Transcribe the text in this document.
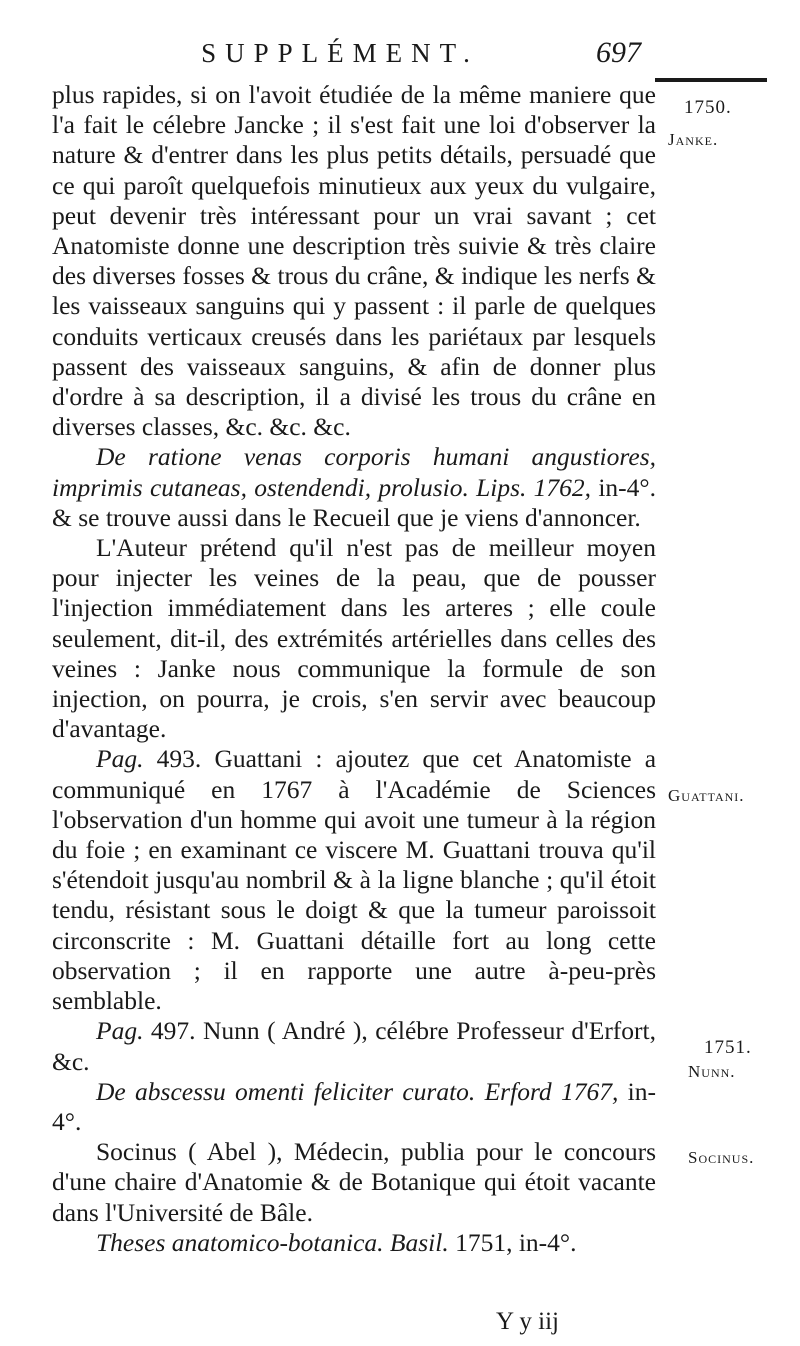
SUPPLÉMENT.	697
1750.
Janke.
Guattani.
1751.
Nunn.
Socinus.

plus rapides, si on l'avoit étudiée de la même maniere que l'a fait le célebre Jancke ; il s'est fait une loi d'observer la nature & d'entrer dans les plus petits détails, persuadé que ce qui paroît quelquefois minutieux aux yeux du vulgaire, peut devenir très intéressant pour un vrai savant ; cet Anatomiste donne une description très suivie & très claire des diverses fosses & trous du crâne, & indique les nerfs & les vaisseaux sanguins qui y passent : il parle de quelques conduits verticaux creusés dans les pariétaux par lesquels passent des vaisseaux sanguins, & afin de donner plus d'ordre à sa description, il a divisé les trous du crâne en diverses classes, &c. &c. &c.

De ratione venas corporis humani angustiores, imprimis cutaneas, ostendendi, prolusio. Lips. 1762, in-4°. & se trouve aussi dans le Recueil que je viens d'annoncer.

L'Auteur prétend qu'il n'est pas de meilleur moyen pour injecter les veines de la peau, que de pousser l'injection immédiatement dans les arteres ; elle coule seulement, dit-il, des extrémités artérielles dans celles des veines : Janke nous communique la formule de son injection, on pourra, je crois, s'en servir avec beaucoup d'avantage.

Pag. 493. Guattani : ajoutez que cet Anatomiste a communiqué en 1767 à l'Académie de Sciences l'observation d'un homme qui avoit une tumeur à la région du foie ; en examinant ce viscere M. Guattani trouva qu'il s'étendoit jusqu'au nombril & à la ligne blanche ; qu'il étoit tendu, résistant sous le doigt & que la tumeur paroissoit circonscrite : M. Guattani détaille fort au long cette observation ; il en rapporte une autre à-peu-près semblable.

Pag. 497. Nunn ( André ), célébre Professeur d'Erfort, &c.

De abscessu omenti feliciter curato. Erford 1767, in-4°.

Socinus ( Abel ), Médecin, publia pour le concours d'une chaire d'Anatomie & de Botanique qui étoit vacante dans l'Université de Bâle.

Theses anatomico-botanica. Basil. 1751, in-4°.

Y y iij
